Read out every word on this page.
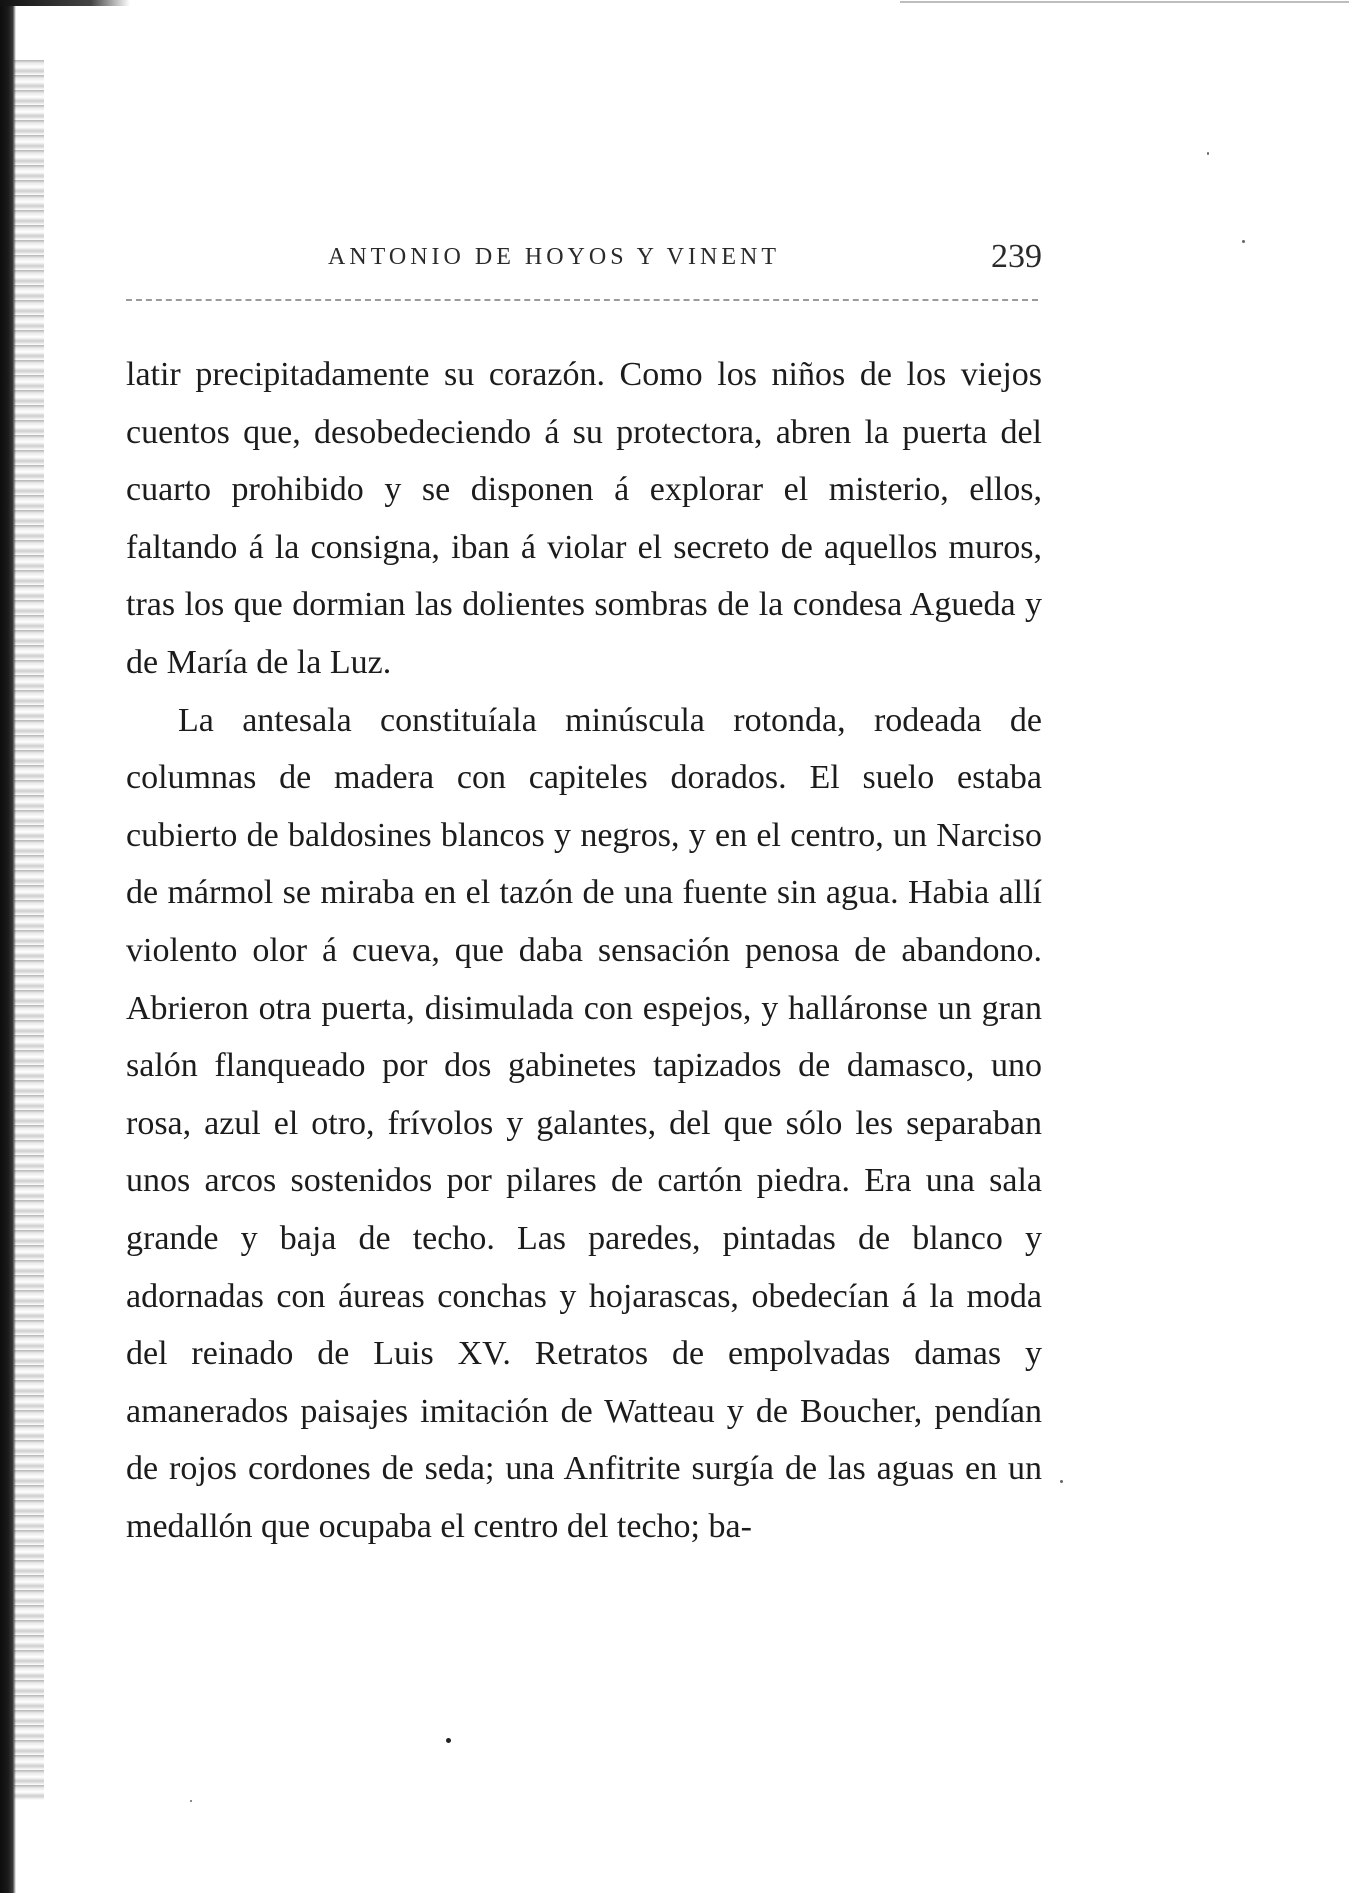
ANTONIO DE HOYOS Y VINENT	239

latir precipitadamente su corazón. Como los niños de los viejos cuentos que, desobedeciendo á su protectora, abren la puerta del cuarto prohibido y se disponen á explorar el misterio, ellos, faltando á la consigna, iban á violar el secreto de aquellos muros, tras los que dormian las dolientes sombras de la condesa Agueda y de María de la Luz.

La antesala constituíala minúscula rotonda, rodeada de columnas de madera con capiteles dorados. El suelo estaba cubierto de baldosines blancos y negros, y en el centro, un Narciso de mármol se miraba en el tazón de una fuente sin agua. Habia allí violento olor á cueva, que daba sensación penosa de abandono. Abrieron otra puerta, disimulada con espejos, y halláronse un gran salón flanqueado por dos gabinetes tapizados de damasco, uno rosa, azul el otro, frívolos y galantes, del que sólo les separaban unos arcos sostenidos por pilares de cartón piedra. Era una sala grande y baja de techo. Las paredes, pintadas de blanco y adornadas con áureas conchas y hojarascas, obedecían á la moda del reinado de Luis XV. Retratos de empolvadas damas y amanerados paisajes imitación de Watteau y de Boucher, pendían de rojos cordones de seda; una Anfitrite surgía de las aguas en un medallón que ocupaba el centro del techo; ba-
